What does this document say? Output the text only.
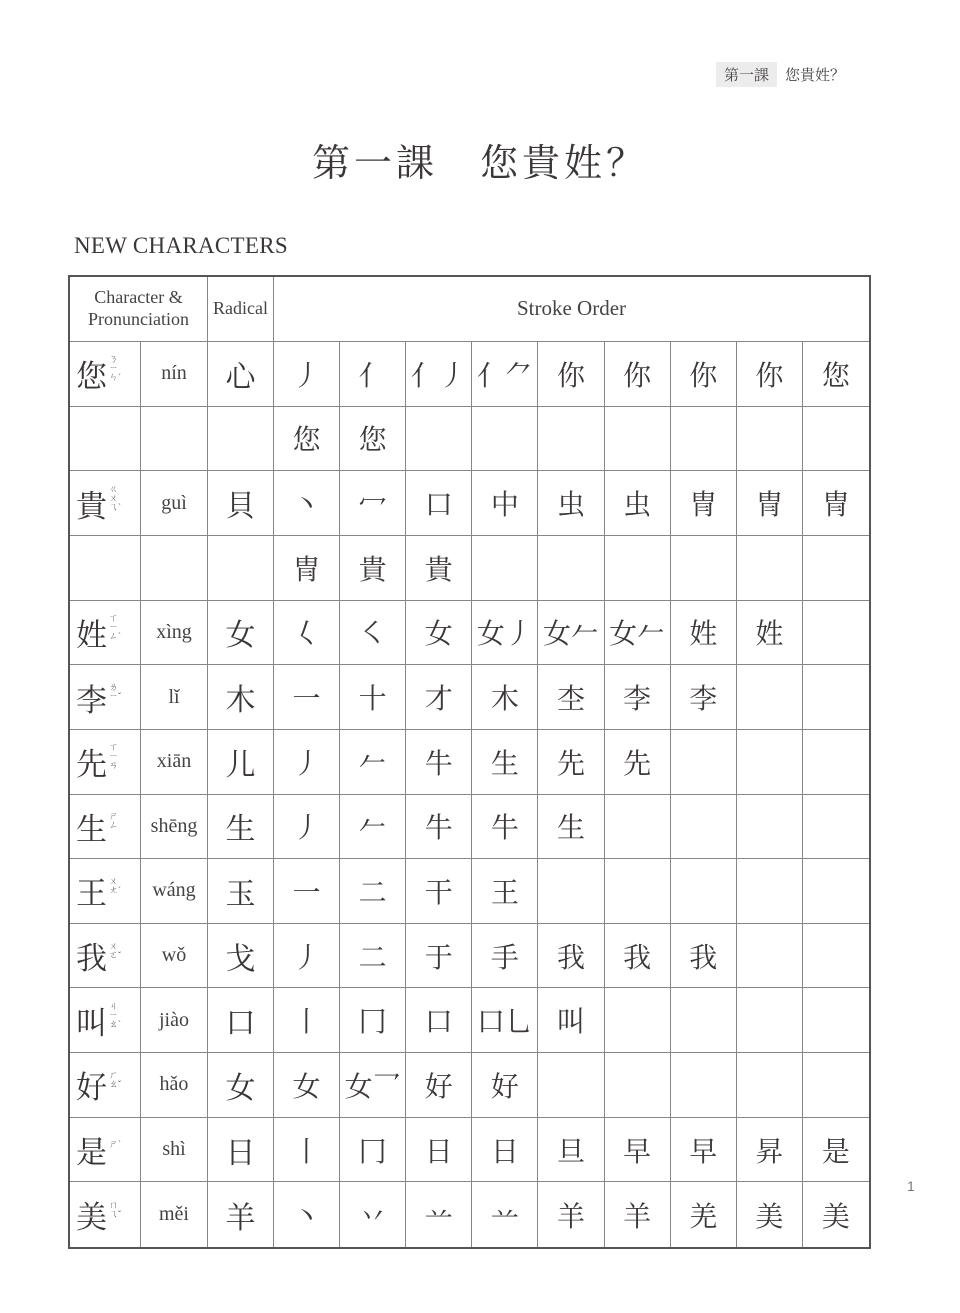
第一課	您貴姓？
第一課 您貴姓？
NEW CHARACTERS
Character &
Pronunciation
Radical	Stroke Order
您 ㄋ
ㄧ
ㄣ´ nín 心 丿 亻 亻丿 亻⺈ 你 你 你 你 您
您 您
貴 ㄍ
ㄨ
ㄟˋ guì 貝 丶 冖 口 中 虫 虫 冑 冑 冑
冑 貴 貴
姓 ㄒ
ㄧ
ㄥˋ xìng 女 𡿨 ㇛ 女 女丿 女𠂉 女𠂉 姓 姓
李 ㄌ
ㄧˇ lǐ 木 一 十 才 木 杢 李 李
先 ㄒ
ㄧ
ㄢ xiān 儿 丿 𠂉 牛 生 先 先
生 ㄕ
ㄥ shēng 生 丿 𠂉 牛 牛 生
王 ㄨ
ㄤ´ wáng 玉 一 二 干 王
我 ㄨ
ㄛˇ wǒ 戈 丿 二 于 手 我 我 我
叫 ㄐ
ㄧ
ㄠˋ jiào 口 丨 冂 口 口乚 叫
好 ㄏ
ㄠˇ hǎo 女 女 女乛 好 好
是 ㄕˋ shì 日 丨 冂 日 日 旦 早 早 昇 是
美 ㄇ
ㄟˇ měi 羊 丶 丷 䒑 䒑 羊 羊 羌 美 美
1
